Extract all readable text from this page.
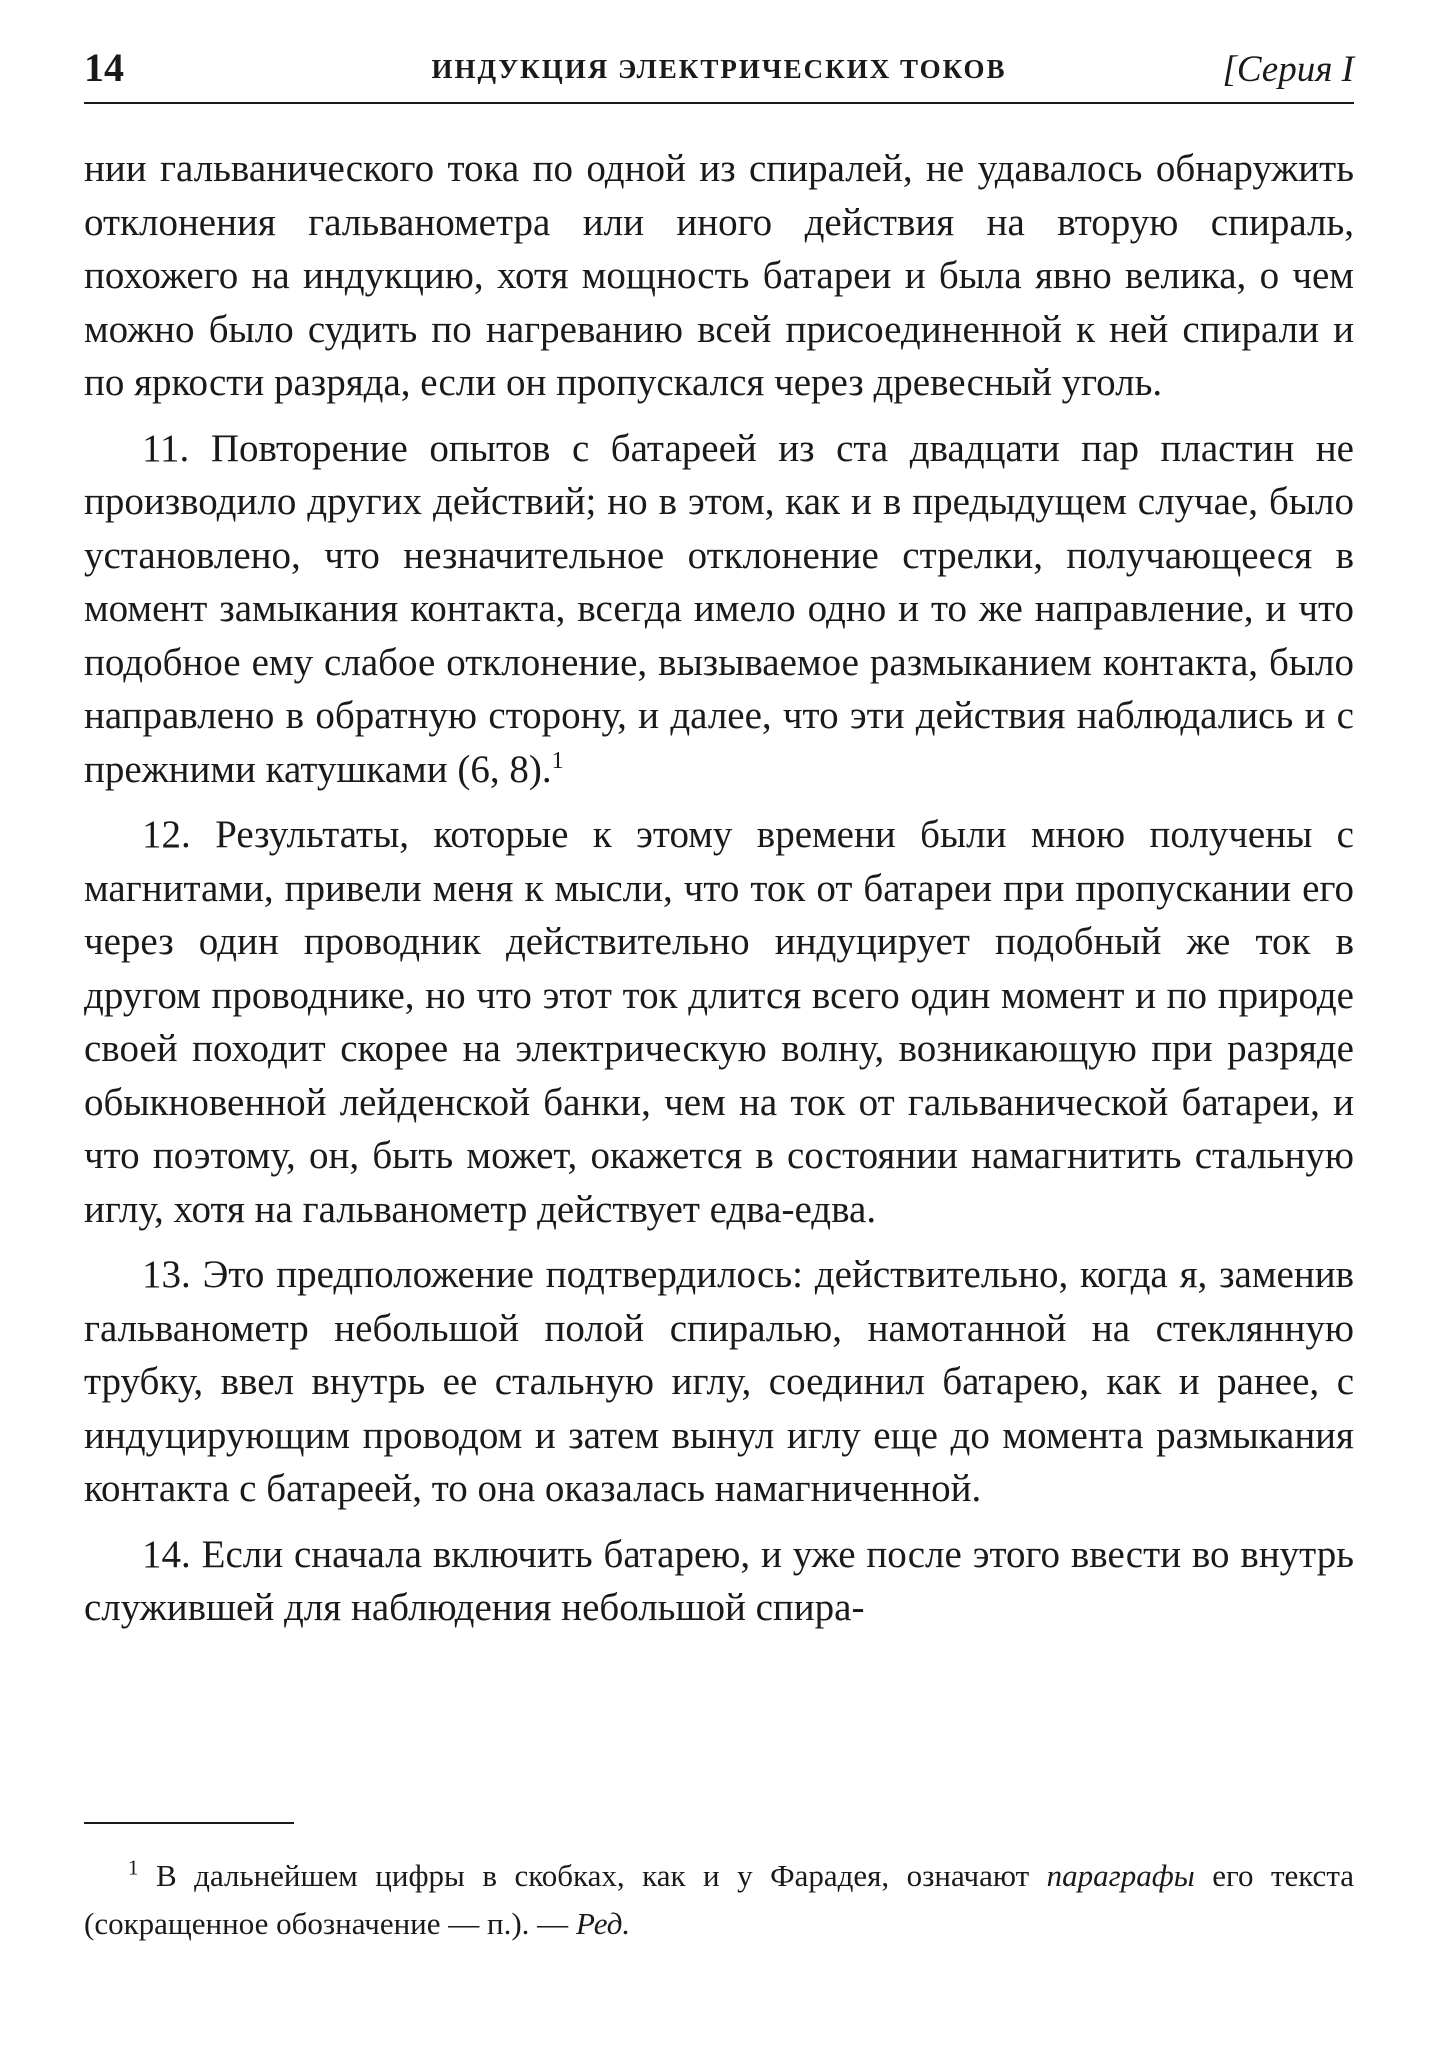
14	ИНДУКЦИЯ ЭЛЕКТРИЧЕСКИХ ТОКОВ	[Серия I

нии гальванического тока по одной из спиралей, не удавалось обнаружить отклонения гальванометра или иного действия на вторую спираль, похожего на индукцию, хотя мощность батареи и была явно велика, о чем можно было судить по нагреванию всей присоединенной к ней спирали и по яркости разряда, если он пропускался через древесный уголь.

11. Повторение опытов с батареей из ста двадцати пар пластин не производило других действий; но в этом, как и в предыдущем случае, было установлено, что незначительное отклонение стрелки, получающееся в момент замыкания контакта, всегда имело одно и то же направление, и что подобное ему слабое отклонение, вызываемое размыканием контакта, было направлено в обратную сторону, и далее, что эти действия наблюдались и с прежними катушками (6, 8).$^1$

12. Результаты, которые к этому времени были мною получены с магнитами, привели меня к мысли, что ток от батареи при пропускании его через один проводник действительно индуцирует подобный же ток в другом проводнике, но что этот ток длится всего один момент и по природе своей походит скорее на электрическую волну, возникающую при разряде обыкновенной лейденской банки, чем на ток от гальванической батареи, и что поэтому, он, быть может, окажется в состоянии намагнитить стальную иглу, хотя на гальванометр действует едва-едва.

13. Это предположение подтвердилось: действительно, когда я, заменив гальванометр небольшой полой спиралью, намотанной на стеклянную трубку, ввел внутрь ее стальную иглу, соединил батарею, как и ранее, с индуцирующим проводом и затем вынул иглу еще до момента размыкания контакта с батареей, то она оказалась намагниченной.

14. Если сначала включить батарею, и уже после этого ввести во внутрь служившей для наблюдения небольшой спира-

$^1$ В дальнейшем цифры в скобках, как и у Фарадея, означают параграфы его текста (сокращенное обозначение — п.). — Ред.
